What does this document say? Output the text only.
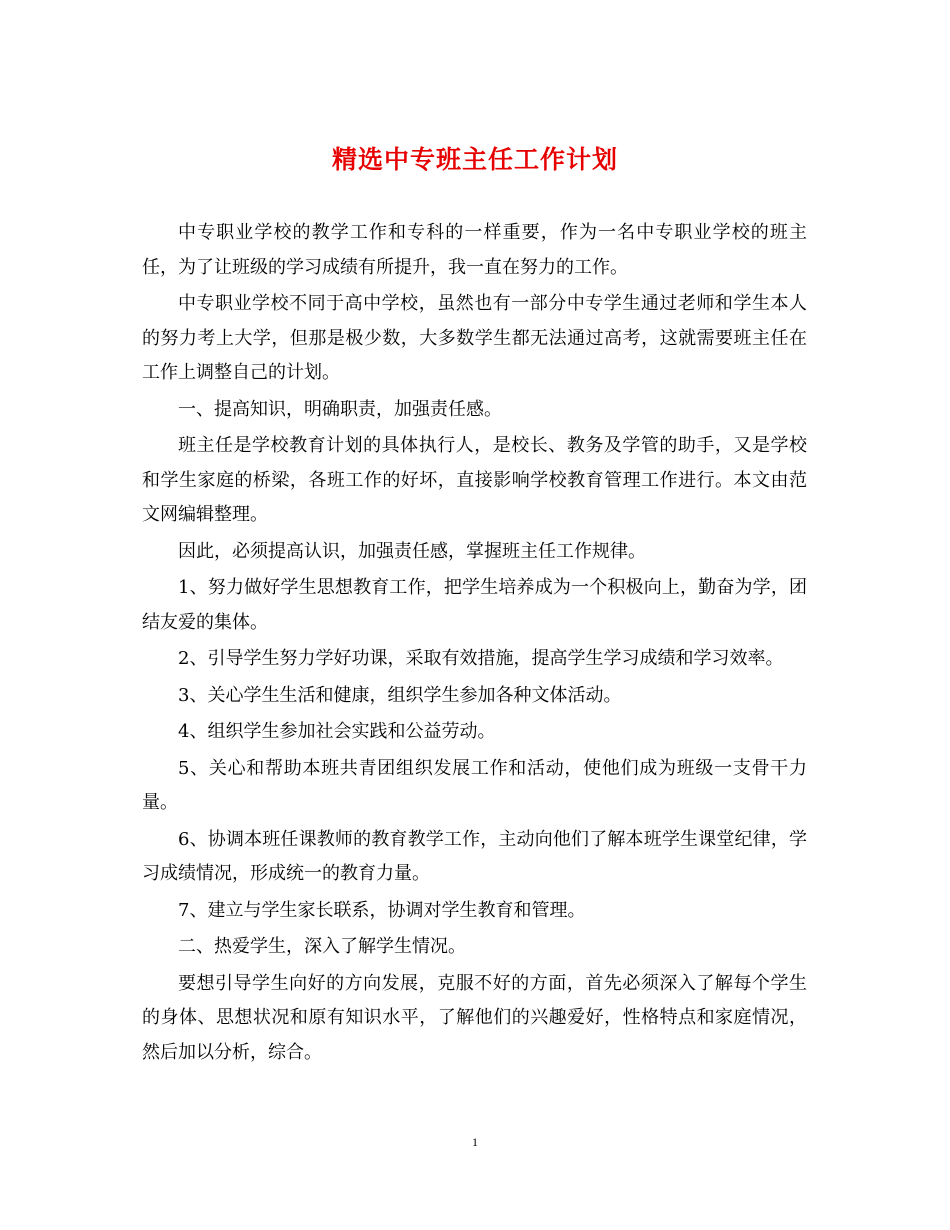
精选中专班主任工作计划

中专职业学校的教学工作和专科的一样重要，作为一名中专职业学校的班主任，为了让班级的学习成绩有所提升，我一直在努力的工作。

中专职业学校不同于高中学校，虽然也有一部分中专学生通过老师和学生本人的努力考上大学，但那是极少数，大多数学生都无法通过高考，这就需要班主任在工作上调整自己的计划。

一、提高知识，明确职责，加强责任感。

班主任是学校教育计划的具体执行人，是校长、教务及学管的助手，又是学校和学生家庭的桥梁，各班工作的好坏，直接影响学校教育管理工作进行。本文由范文网编辑整理。

因此，必须提高认识，加强责任感，掌握班主任工作规律。

1、努力做好学生思想教育工作，把学生培养成为一个积极向上，勤奋为学，团结友爱的集体。

2、引导学生努力学好功课，采取有效措施，提高学生学习成绩和学习效率。

3、关心学生生活和健康，组织学生参加各种文体活动。

4、组织学生参加社会实践和公益劳动。

5、关心和帮助本班共青团组织发展工作和活动，使他们成为班级一支骨干力量。

6、协调本班任课教师的教育教学工作，主动向他们了解本班学生课堂纪律，学习成绩情况，形成统一的教育力量。

7、建立与学生家长联系，协调对学生教育和管理。

二、热爱学生，深入了解学生情况。

要想引导学生向好的方向发展，克服不好的方面，首先必须深入了解每个学生的身体、思想状况和原有知识水平，了解他们的兴趣爱好，性格特点和家庭情况，然后加以分析，综合。

1
